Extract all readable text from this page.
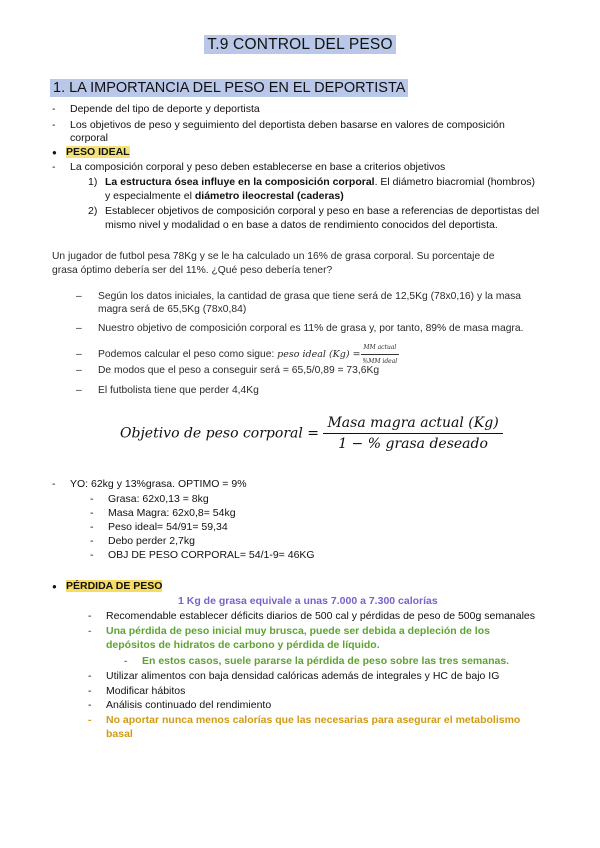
T.9 CONTROL DEL PESO
1. LA IMPORTANCIA DEL PESO EN EL DEPORTISTA
- Depende del tipo de deporte y deportista
- Los objetivos de peso y seguimiento del deportista deben basarse en valores de composición
corporal
● PESO IDEAL
- La composición corporal y peso deben establecerse en base a criterios objetivos
1) La estructura ósea influye en la composición corporal. El diámetro biacromial (hombros)
y especialmente el diámetro ileocrestal (caderas)
2) Establecer objetivos de composición corporal y peso en base a referencias de deportistas del
mismo nivel y modalidad o en base a datos de rendimiento conocidos del deportista.
Un jugador de futbol pesa 78Kg y se le ha calculado un 16% de grasa corporal. Su porcentaje de
grasa óptimo debería ser del 11%. ¿Qué peso debería tener?
– Según los datos iniciales, la cantidad de grasa que tiene será de 12,5Kg (78x0,16) y la masa
magra será de 65,5Kg (78x0,84)
– Nuestro objetivo de composición corporal es 11% de grasa y, por tanto, 89% de masa magra.
– Podemos calcular el peso como sigue: peso ideal $(Kg) = \frac{\text{MM actual}}{\text{\%MM ideal}}$
– De modos que el peso a conseguir será = 65,5/0,89 = 73,6Kg
– El futbolista tiene que perder 4,4Kg
Objetivo de peso corporal = $\frac{\text{Masa magra actual (Kg)}}{\text{1 − \% grasa deseado}}$
- YO: 62kg y 13%grasa. OPTIMO = 9%
- Grasa: 62x0,13 = 8kg
- Masa Magra: 62x0,8= 54kg
- Peso ideal= 54/91= 59,34
- Debo perder 2,7kg
- OBJ DE PESO CORPORAL= 54/1-9= 46KG
● PÉRDIDA DE PESO
1 Kg de grasa equivale a unas 7.000 a 7.300 calorías
- Recomendable establecer déficits diarios de 500 cal y pérdidas de peso de 500g semanales
- Una pérdida de peso inicial muy brusca, puede ser debida a depleción de los
depósitos de hidratos de carbono y pérdida de líquido.
- En estos casos, suele pararse la pérdida de peso sobre las tres semanas.
- Utilizar alimentos con baja densidad calóricas además de integrales y HC de bajo IG
- Modificar hábitos
- Análisis continuado del rendimiento
- No aportar nunca menos calorías que las necesarias para asegurar el metabolismo
basal
